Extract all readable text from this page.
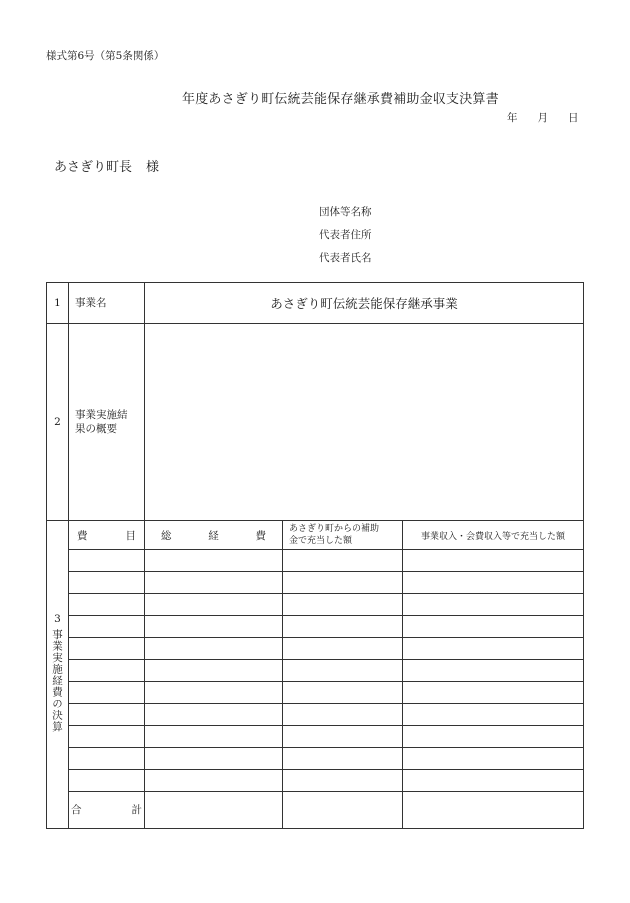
様式第6号（第5条関係）
年度あさぎり町伝統芸能保存継承費補助金収支決算書
年 月 日
あさぎり町長 様
団体等名称
代表者住所
代表者氏名
1	事業名	あさぎり町伝統芸能保存継承事業		
2	事業実施結
果の概要			

3
事業実施経費の決算	費 目	総 経 費	あさぎり町からの補助
金で充当した額	事業収入・会費収入等で充当した額

	合 計			
